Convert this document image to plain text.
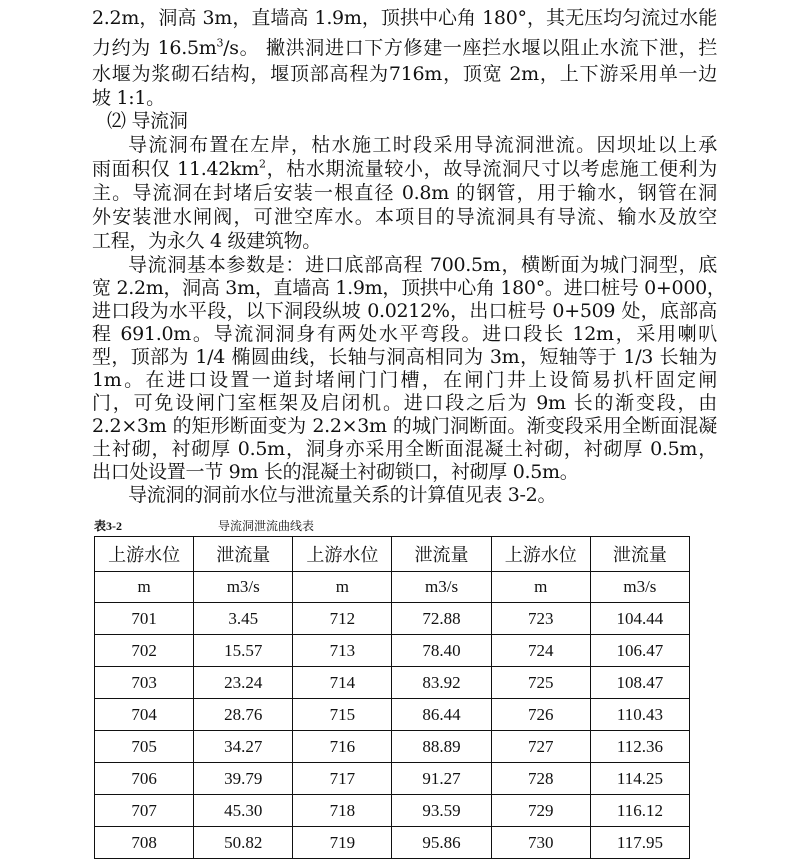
2.2m，洞高 3m，直墙高 1.9m，顶拱中心角 180°，其无压均匀流过水能
力约为 $16.5m^3/s$。 撇洪洞进口下方修建一座拦水堰以阻止水流下泄，拦
水堰为浆砌石结构，堰顶部高程为716m，顶宽 2m，上下游采用单一边
坡 1:1。
⑵ 导流洞
导流洞布置在左岸，枯水施工时段采用导流洞泄流。因坝址以上承
雨面积仅 $11.42km^2$，枯水期流量较小，故导流洞尺寸以考虑施工便利为
主。导流洞在封堵后安装一根直径 0.8m 的钢管，用于输水，钢管在洞
外安装泄水闸阀，可泄空库水。本项目的导流洞具有导流、输水及放空
工程，为永久 4 级建筑物。
导流洞基本参数是：进口底部高程 700.5m，横断面为城门洞型，底
宽 2.2m，洞高 3m，直墙高 1.9m，顶拱中心角 180°。进口桩号 0+000，
进口段为水平段，以下洞段纵坡 0.0212%，出口桩号 0+509 处，底部高
程 691.0m。导流洞洞身有两处水平弯段。进口段长 12m，采用喇叭
型，顶部为 1/4 椭圆曲线，长轴与洞高相同为 3m，短轴等于 1/3 长轴为
1m。在进口设置一道封堵闸门门槽，在闸门井上设简易扒杆固定闸
门，可免设闸门室框架及启闭机。进口段之后为 9m 长的渐变段，由
2.2×3m 的矩形断面变为 2.2×3m 的城门洞断面。渐变段采用全断面混凝
土衬砌，衬砌厚 0.5m，洞身亦采用全断面混凝土衬砌，衬砌厚 0.5m，
出口处设置一节 9m 长的混凝土衬砌锁口，衬砌厚 0.5m。
导流洞的洞前水位与泄流量关系的计算值见表 3-2。
表3-2	导流洞泄流曲线表
上游水位	泄流量	上游水位	泄流量	上游水位	泄流量
m	m3/s	m	m3/s	m	m3/s
701	3.45	712	72.88	723	104.44
702	15.57	713	78.40	724	106.47
703	23.24	714	83.92	725	108.47
704	28.76	715	86.44	726	110.43
705	34.27	716	88.89	727	112.36
706	39.79	717	91.27	728	114.25
707	45.30	718	93.59	729	116.12
708	50.82	719	95.86	730	117.95
